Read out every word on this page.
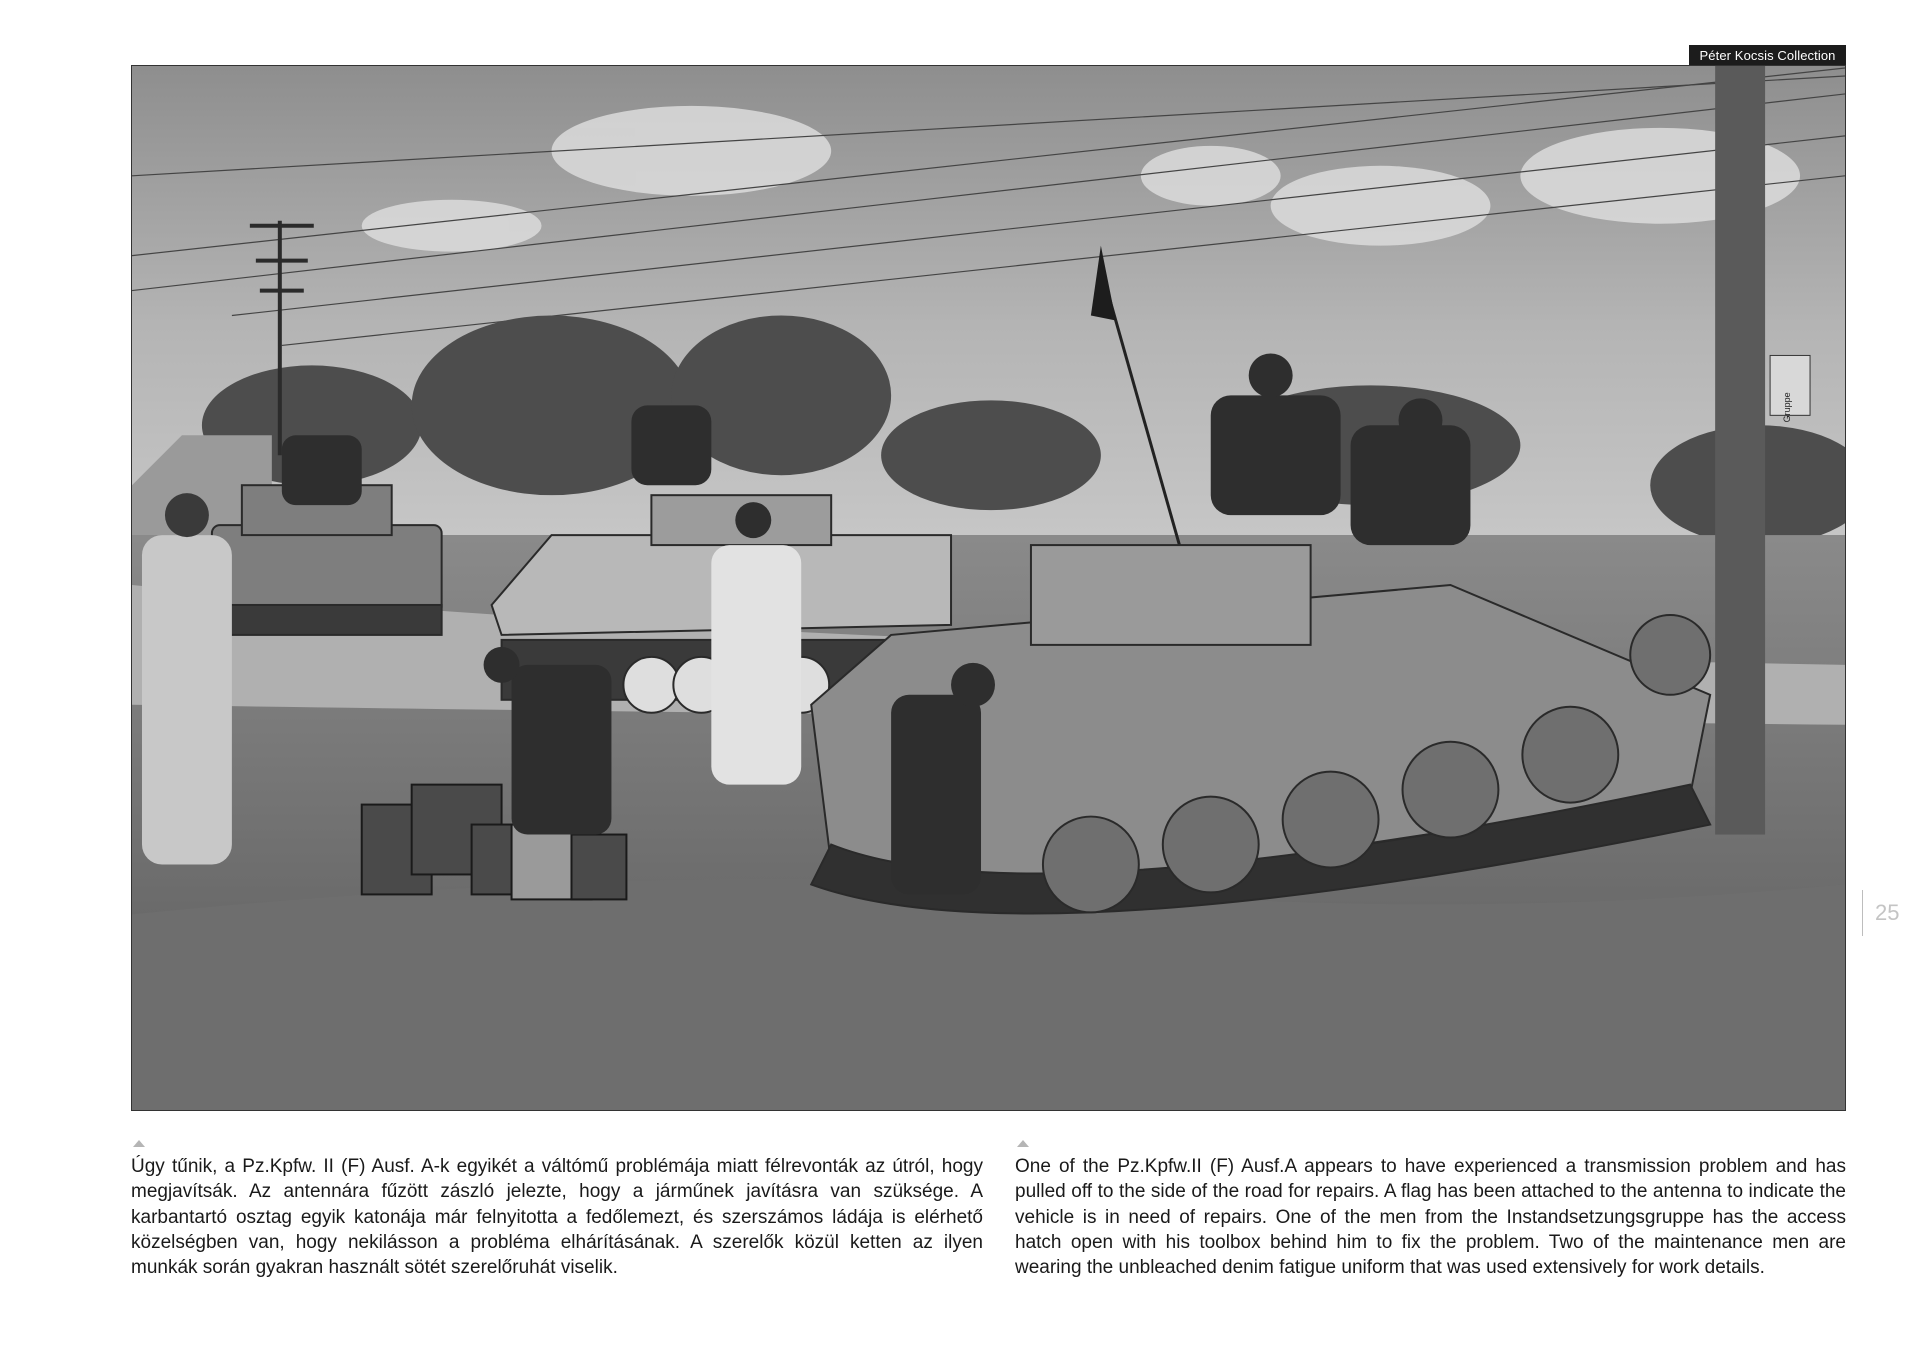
Péter Kocsis Collection
Gruppe
25

Úgy tűnik, a Pz.Kpfw. II (F) Ausf. A-k egyikét a váltómű problémája miatt félrevonták az útról, hogy megjavítsák. Az antennára fűzött zászló jelezte, hogy a járműnek javításra van szüksége. A karbantartó osztag egyik katonája már felnyitotta a fedőlemezt, és szerszámos ládája is elérhető közelségben van, hogy nekilásson a probléma elhárításának. A szerelők közül ketten az ilyen munkák során gyakran használt sötét szerelőruhát viselik.

One of the Pz.Kpfw.II (F) Ausf.A appears to have experienced a transmission problem and has pulled off to the side of the road for repairs. A flag has been attached to the antenna to indicate the vehicle is in need of repairs. One of the men from the Instandsetzungsgruppe has the access hatch open with his toolbox behind him to fix the problem. Two of the maintenance men are wearing the unbleached denim fatigue uniform that was used extensively for work details.
